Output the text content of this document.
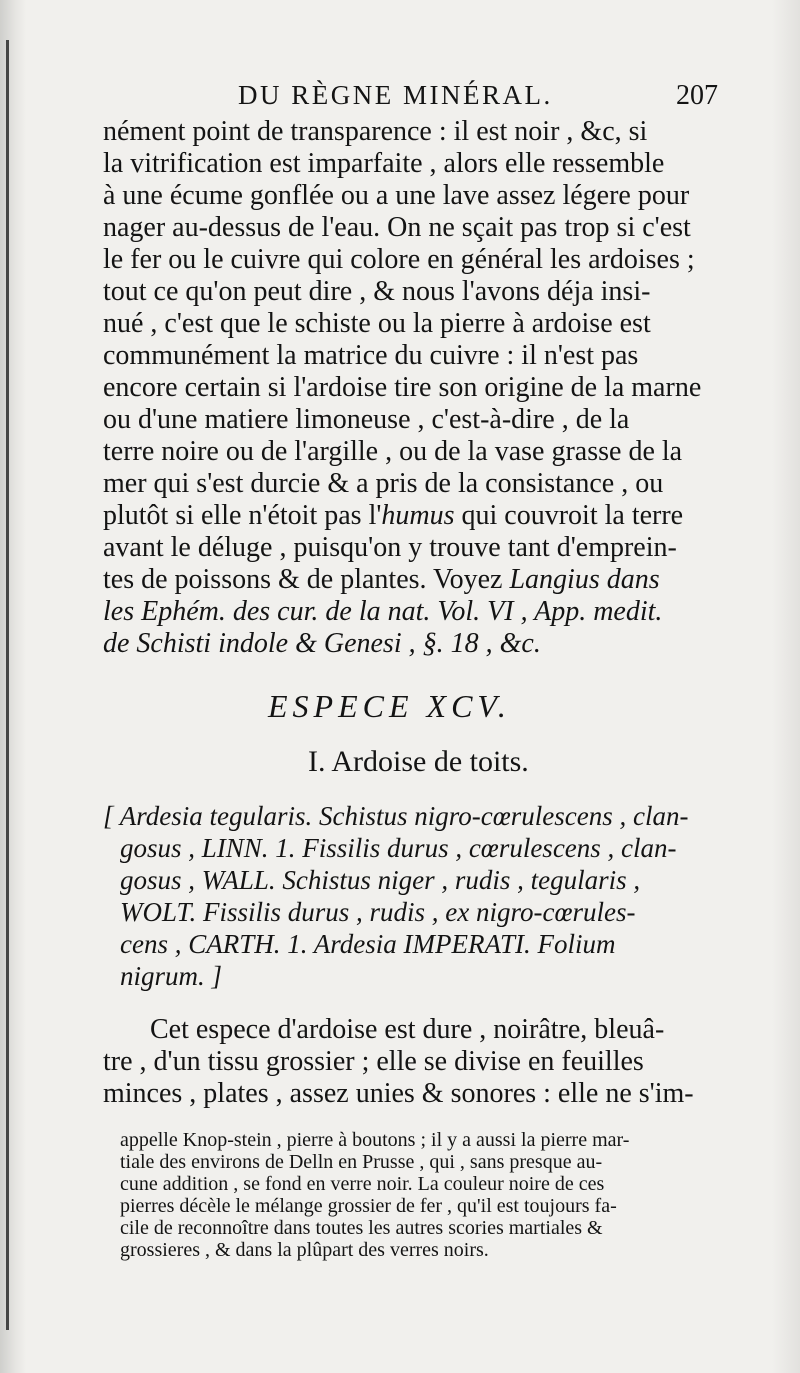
DU RÈGNE MINÉRAL.	207
nément point de transparence : il est noir , &c, si
la vitrification est imparfaite , alors elle ressemble
à une écume gonflée ou a une lave assez légere pour
nager au-dessus de l'eau. On ne sçait pas trop si c'est
le fer ou le cuivre qui colore en général les ardoises ;
tout ce qu'on peut dire , & nous l'avons déja insi-
nué , c'est que le schiste ou la pierre à ardoise est
communément la matrice du cuivre : il n'est pas
encore certain si l'ardoise tire son origine de la marne
ou d'une matiere limoneuse , c'est-à-dire , de la
terre noire ou de l'argille , ou de la vase grasse de la
mer qui s'est durcie & a pris de la consistance , ou
plutôt si elle n'étoit pas l'humus qui couvroit la terre
avant le déluge , puisqu'on y trouve tant d'emprein-
tes de poissons & de plantes. Voyez Langius dans
les Ephém. des cur. de la nat. Vol. VI , App. medit.
de Schisti indole & Genesi , §. 18 , &c.
ESPECE XCV.
I. Ardoise de toits.
[ Ardesia tegularis. Schistus nigro-cœrulescens , clan-
gosus , LINN. 1. Fissilis durus , cœrulescens , clan-
gosus , WALL. Schistus niger , rudis , tegularis ,
WOLT. Fissilis durus , rudis , ex nigro-cœrules-
cens , CARTH. 1. Ardesia IMPERATI. Folium
nigrum. ]
Cet espece d'ardoise est dure , noirâtre, bleuâ-
tre , d'un tissu grossier ; elle se divise en feuilles
minces , plates , assez unies & sonores : elle ne s'im-
appelle Knop-stein , pierre à boutons ; il y a aussi la pierre mar-
tiale des environs de Delln en Prusse , qui , sans presque au-
cune addition , se fond en verre noir. La couleur noire de ces
pierres décèle le mélange grossier de fer , qu'il est toujours fa-
cile de reconnoître dans toutes les autres scories martiales &
grossieres , & dans la plûpart des verres noirs.
